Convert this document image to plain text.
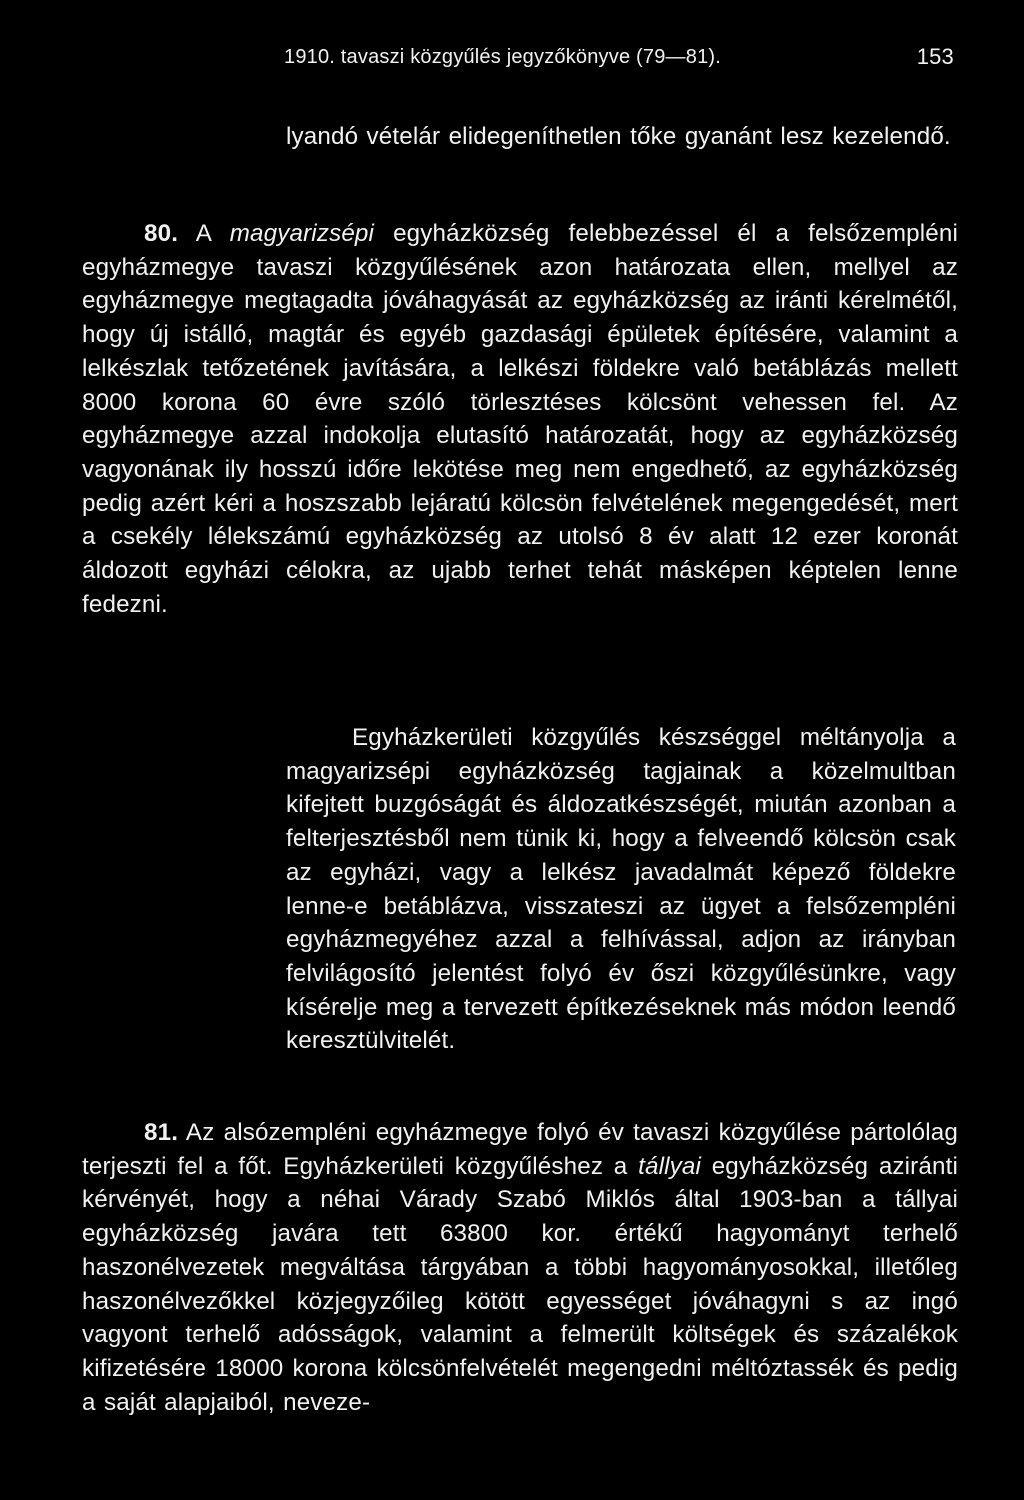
1910. tavaszi közgyűlés jegyzőkönyve (79—81).	153

lyandó vételár elidegeníthetlen tőke gyanánt lesz kezelendő.

80. A magyarizsépi egyházközség felebbezéssel él a felsőzempléni egyházmegye tavaszi közgyűlésének azon határozata ellen, mellyel az egyházmegye megtagadta jóváhagyását az egyházközség az iránti kérelmétől, hogy új istálló, magtár és egyéb gazdasági épületek építésére, valamint a lelkészlak tetőzetének javítására, a lelkészi földekre való betáblázás mellett 8000 korona 60 évre szóló törlesztéses kölcsönt vehessen fel. Az egyházmegye azzal indokolja elutasító határozatát, hogy az egyházközség vagyonának ily hosszú időre lekötése meg nem engedhető, az egyházközség pedig azért kéri a hoszszabb lejáratú kölcsön felvételének megengedését, mert a csekély lélekszámú egyházközség az utolsó 8 év alatt 12 ezer koronát áldozott egyházi célokra, az ujabb terhet tehát másképen képtelen lenne fedezni.

Egyházkerületi közgyűlés készséggel méltányolja a magyarizsépi egyházközség tagjainak a közelmultban kifejtett buzgóságát és áldozatkészségét, miután azonban a felterjesztésből nem tünik ki, hogy a felveendő kölcsön csak az egyházi, vagy a lelkész javadalmát képező földekre lenne-e betáblázva, visszateszi az ügyet a felsőzempléni egyházmegyéhez azzal a felhívással, adjon az irányban felvilágosító jelentést folyó év őszi közgyűlésünkre, vagy kísérelje meg a tervezett építkezéseknek más módon leendő keresztülvitelét.

81. Az alsózempléni egyházmegye folyó év tavaszi közgyűlése pártolólag terjeszti fel a főt. Egyházkerületi közgyűléshez a tállyai egyházközség aziránti kérvényét, hogy a néhai Várady Szabó Miklós által 1903-ban a tállyai egyházközség javára tett 63800 kor. értékű hagyományt terhelő haszonélvezetek megváltása tárgyában a többi hagyományosokkal, illetőleg haszonélvezőkkel közjegyzőileg kötött egyességet jóváhagyni s az ingó vagyont terhelő adósságok, valamint a felmerült költségek és százalékok kifizetésére 18000 korona kölcsönfelvételét megengedni méltóztassék és pedig a saját alapjaiból, neveze-
